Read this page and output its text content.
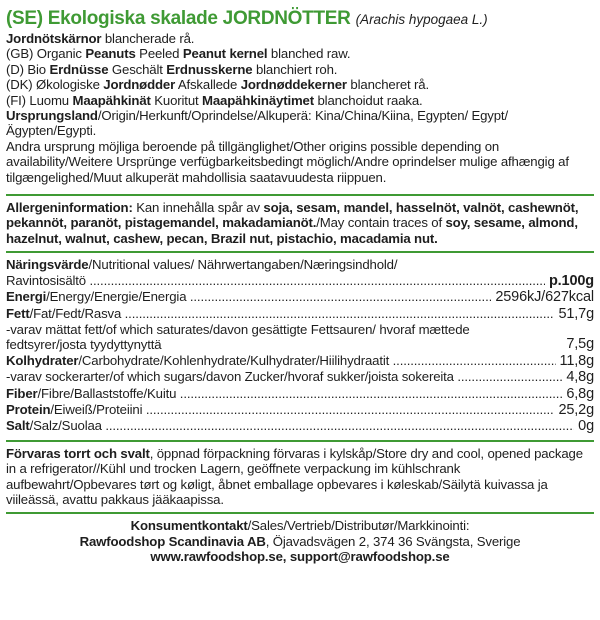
(SE) Ekologiska skalade JORDNÖTTER (Arachis hypogaea L.)

Jordnötskärnor blancherade rå.

(GB) Organic Peanuts Peeled Peanut kernel blanched raw.

(D) Bio Erdnüsse Geschält Erdnusskerne blanchiert roh.

(DK) Økologiske Jordnødder Afskallede Jordnøddekerner blancheret rå.

(FI) Luomu Maapähkinät Kuoritut Maapähkinäytimet blanchoidut raaka.

Ursprungsland/Origin/Herkunft/Oprindelse/Alkuperä: Kina/China/Kiina, Egypten/ Egypt/Ägypten/Egypti.

Andra ursprung möjliga beroende på tillgänglighet/Other origins possible depending on availability/Weitere Ursprünge verfügbarkeitsbedingt möglich/Andre oprindelser mulige afhængig af tilgængelighed/Muut alkuperät mahdollisia saatavuudesta riippuen.

Allergeninformation: Kan innehålla spår av soja, sesam, mandel, hasselnöt, valnöt, cashewnöt, pekannöt, paranöt, pistagemandel, makadamianöt./May contain traces of soy, sesame, almond, hazelnut, walnut, cashew, pecan, Brazil nut, pistachio, macadamia nut.

Näringsvärde/Nutritional values/ Nährwertangaben/Næringsindhold/

Ravintosisältö .....	p.100g
Energi/Energy/Energie/Energia .....	2596kJ/627kcal
Fett/Fat/Fedt/Rasva .....	51,7g
-varav mättat fett/of which saturates/davon gesättigte Fettsauren/ hvoraf mættede fedtsyrer/josta tyydyttynyttä	7,5g
Kolhydrater/Carbohydrate/Kohlenhydrate/Kulhydrater/Hiilihydraatit .....	11,8g
-varav sockerarter/of which sugars/davon Zucker/hvoraf sukker/joista sokereita .....	4,8g
Fiber/Fibre/Ballaststoffe/Kuitu .....	6,8g
Protein/Eiweiß/Proteiini .....	25,2g
Salt/Salz/Suolaa .....	0g

Förvaras torrt och svalt, öppnad förpackning förvaras i kylskåp/Store dry and cool, opened package in a refrigerator//Kühl und trocken Lagern, geöffnete verpackung im kühlschrank aufbewahrt/Opbevares tørt og køligt, åbnet emballage opbevares i køleskab/Säilytä kuivassa ja viileässä, avattu pakkaus jääkaapissa.

Konsumentkontakt/Sales/Vertrieb/Distributør/Markkinointi:

Rawfoodshop Scandinavia AB, Öjavadsvägen 2, 374 36 Svängsta, Sverige

www.rawfoodshop.se, support@rawfoodshop.se
